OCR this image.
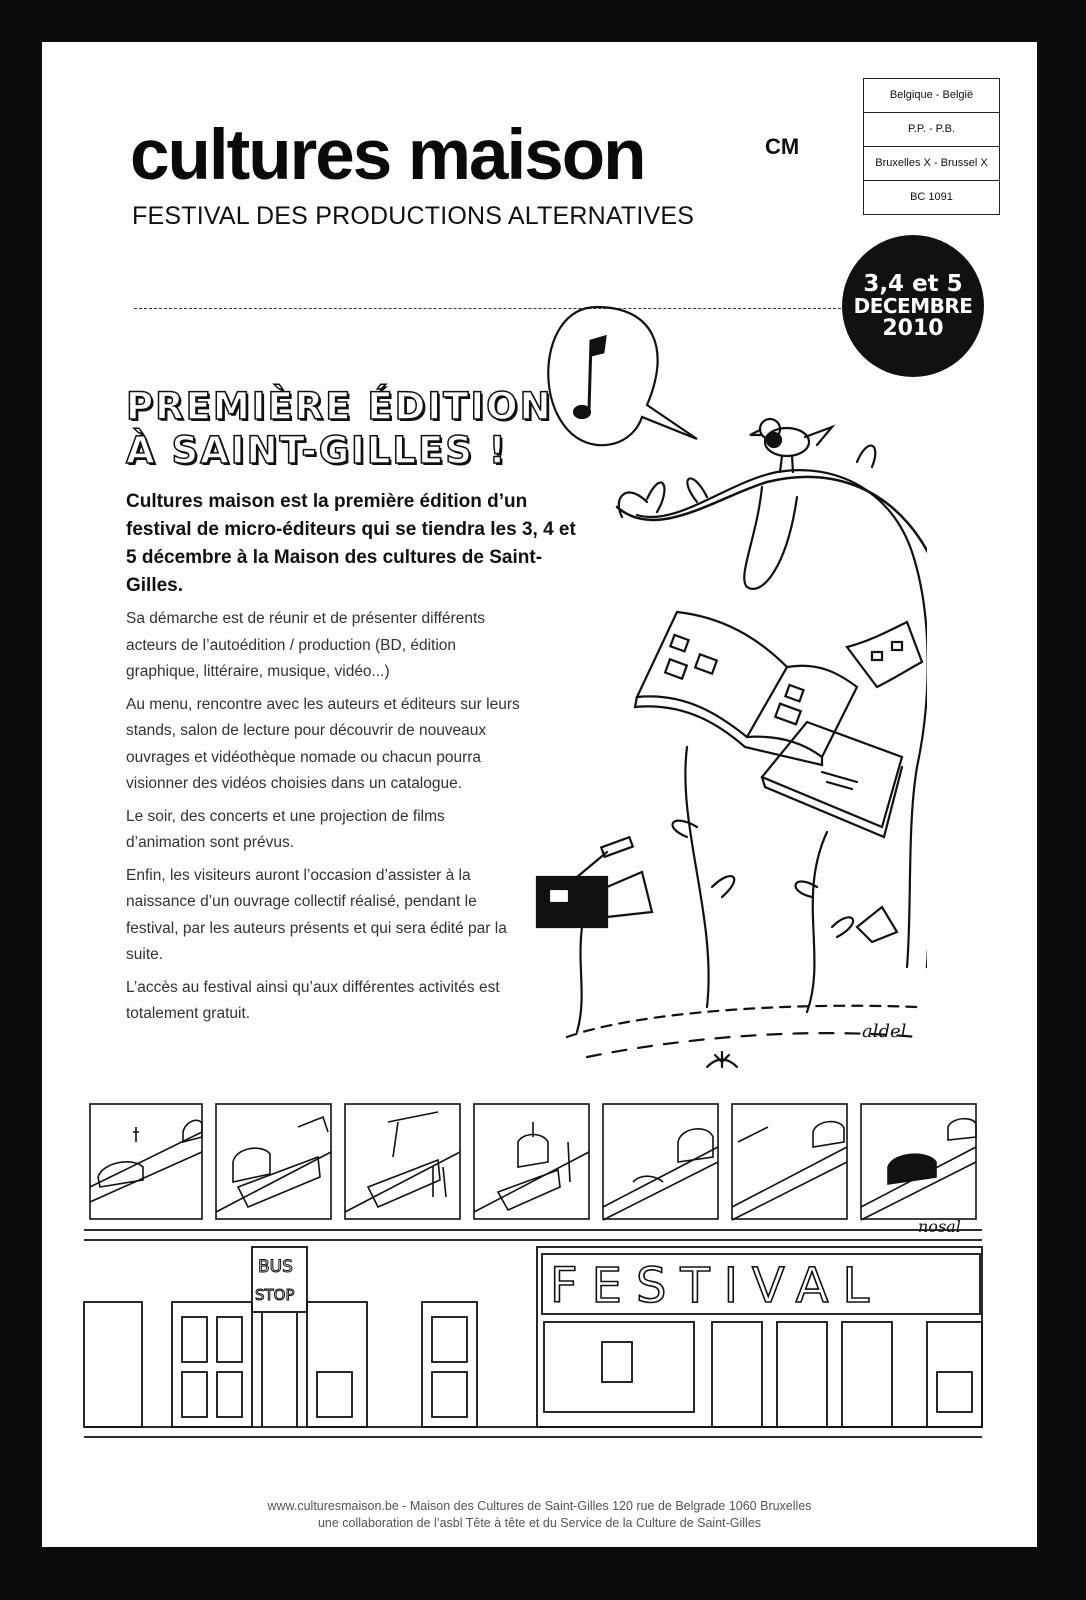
cultures maison	CM
FESTIVAL DES PRODUCTIONS ALTERNATIVES
Belgique - België
P.P. - P.B.
Bruxelles X - Brussel X
BC 1091
aldel
3,4 et 5
DECEMBRE
2010
PREMIÈRE ÉDITION
À SAINT-GILLES !
Cultures maison est la première édition d’un festival de micro-éditeurs qui se tiendra les 3, 4 et 5 décembre à la Maison des cultures de Saint-Gilles.

Sa démarche est de réunir et de présenter différents acteurs de l’autoédition / production (BD, édition graphique, littéraire, musique, vidéo...)

Au menu, rencontre avec les auteurs et éditeurs sur leurs stands, salon de lecture pour découvrir de nouveaux ouvrages et vidéothèque nomade ou chacun pourra visionner des vidéos choisies dans un catalogue.

Le soir, des concerts et une projection de films d’animation sont prévus.

Enfin, les visiteurs auront l’occasion d’assister à la naissance d’un ouvrage collectif réalisé, pendant le festival, par les auteurs présents et qui sera édité par la suite.

L’accès au festival ainsi qu’aux différentes activités est totalement gratuit.

nosal
BUS
STOP	FESTIVAL
www.culturesmaison.be - Maison des Cultures de Saint-Gilles 120 rue de Belgrade 1060 Bruxelles
une collaboration de l’asbl Tête à tête et du Service de la Culture de Saint-Gilles
